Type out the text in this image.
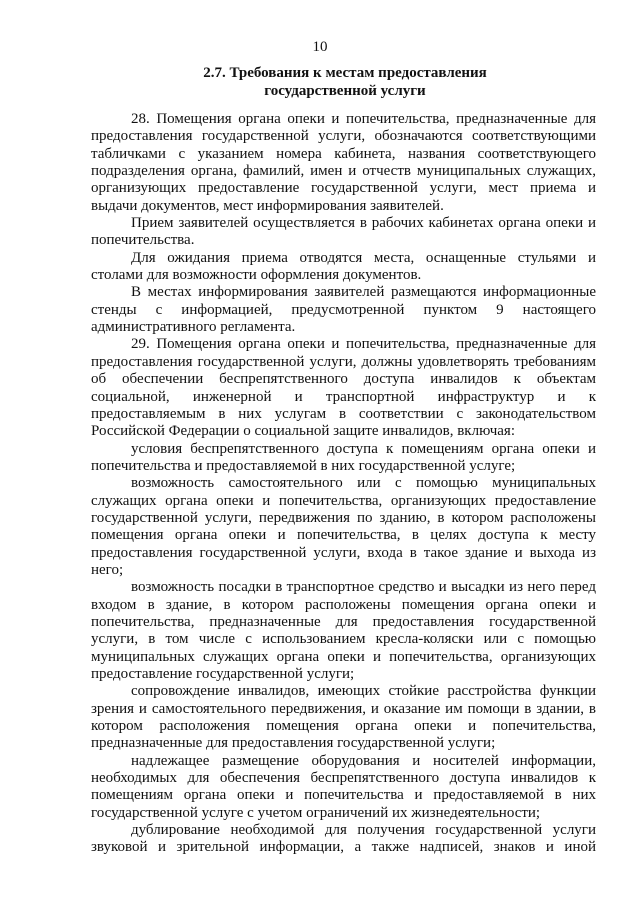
10
2.7. Требования к местам предоставления
государственной услуги

28. Помещения органа опеки и попечительства, предназначенные для предоставления государственной услуги, обозначаются соответствующими табличками с указанием номера кабинета, названия соответствующего подразделения органа, фамилий, имен и отчеств муниципальных служащих, организующих предоставление государственной услуги, мест приема и выдачи документов, мест информирования заявителей.

Прием заявителей осуществляется в рабочих кабинетах органа опеки и попечительства.

Для ожидания приема отводятся места, оснащенные стульями и столами для возможности оформления документов.

В местах информирования заявителей размещаются информационные стенды с информацией, предусмотренной пунктом 9 настоящего административного регламента.

29. Помещения органа опеки и попечительства, предназначенные для предоставления государственной услуги, должны удовлетворять требованиям об обеспечении беспрепятственного доступа инвалидов к объектам социальной, инженерной и транспортной инфраструктур и к предоставляемым в них услугам в соответствии с законодательством Российской Федерации о социальной защите инвалидов, включая:

условия беспрепятственного доступа к помещениям органа опеки и попечительства и предоставляемой в них государственной услуге;

возможность самостоятельного или с помощью муниципальных служащих органа опеки и попечительства, организующих предоставление государственной услуги, передвижения по зданию, в котором расположены помещения органа опеки и попечительства, в целях доступа к месту предоставления государственной услуги, входа в такое здание и выхода из него;

возможность посадки в транспортное средство и высадки из него перед входом в здание, в котором расположены помещения органа опеки и попечительства, предназначенные для предоставления государственной услуги, в том числе с использованием кресла-коляски или с помощью муниципальных служащих органа опеки и попечительства, организующих предоставление государственной услуги;

сопровождение инвалидов, имеющих стойкие расстройства функции зрения и самостоятельного передвижения, и оказание им помощи в здании, в котором расположения помещения органа опеки и попечительства, предназначенные для предоставления государственной услуги;

надлежащее размещение оборудования и носителей информации, необходимых для обеспечения беспрепятственного доступа инвалидов к помещениям органа опеки и попечительства и предоставляемой в них государственной услуге с учетом ограничений их жизнедеятельности;

дублирование необходимой для получения государственной услуги звуковой и зрительной информации, а также надписей, знаков и иной
